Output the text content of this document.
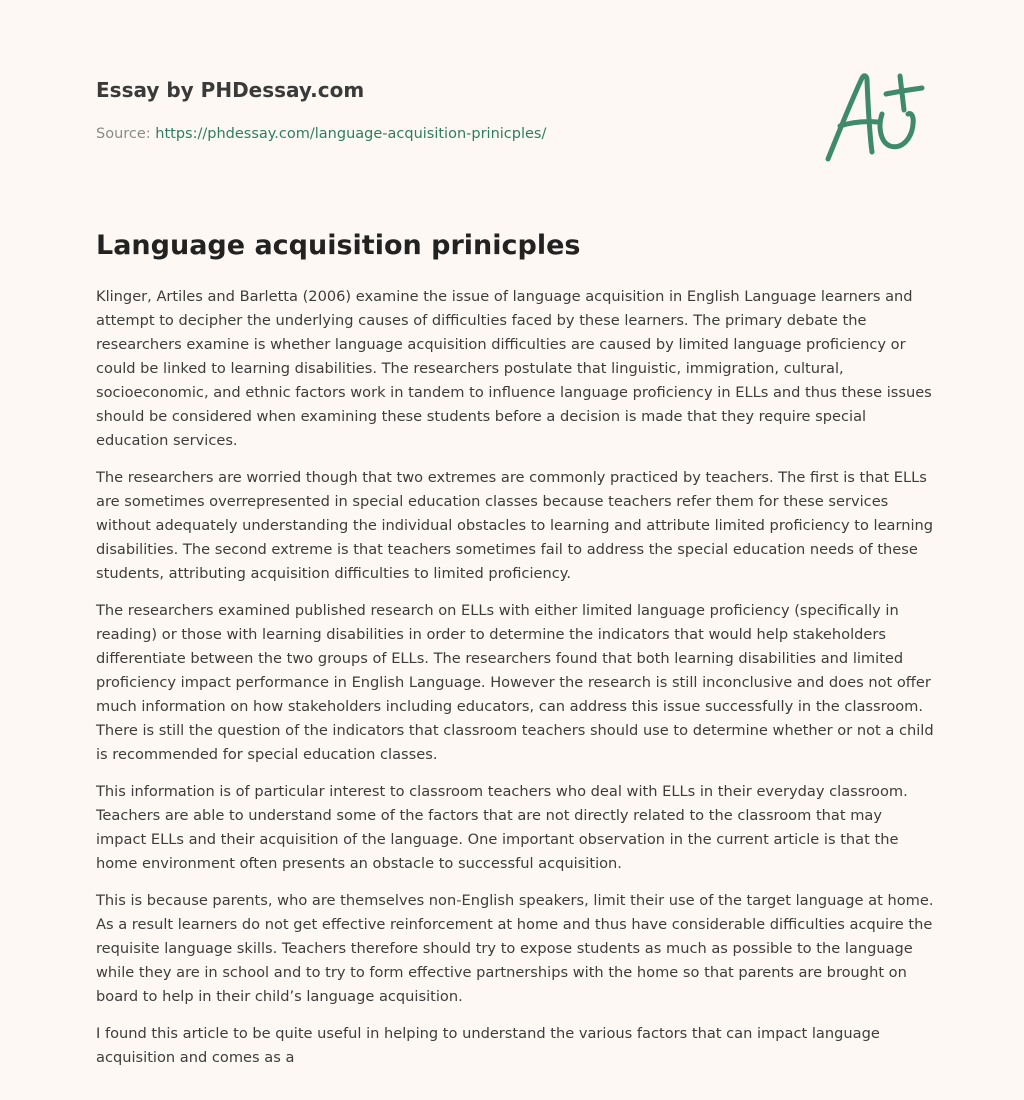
Essay by PHDessay.com
Source: https://phdessay.com/language-acquisition-prinicples/
Language acquisition prinicples

Klinger, Artiles and Barletta (2006) examine the issue of language acquisition in English Language learners and attempt to decipher the underlying causes of difficulties faced by these learners. The primary debate the researchers examine is whether language acquisition difficulties are caused by limited language proficiency or could be linked to learning disabilities. The researchers postulate that linguistic, immigration, cultural, socioeconomic, and ethnic factors work in tandem to influence language proficiency in ELLs and thus these issues should be considered when examining these students before a decision is made that they require special education services.

The researchers are worried though that two extremes are commonly practiced by teachers. The first is that ELLs are sometimes overrepresented in special education classes because teachers refer them for these services without adequately understanding the individual obstacles to learning and attribute limited proficiency to learning disabilities. The second extreme is that teachers sometimes fail to address the special education needs of these students, attributing acquisition difficulties to limited proficiency.

The researchers examined published research on ELLs with either limited language proficiency (specifically in reading) or those with learning disabilities in order to determine the indicators that would help stakeholders differentiate between the two groups of ELLs. The researchers found that both learning disabilities and limited proficiency impact performance in English Language. However the research is still inconclusive and does not offer much information on how stakeholders including educators, can address this issue successfully in the classroom. There is still the question of the indicators that classroom teachers should use to determine whether or not a child is recommended for special education classes.

This information is of particular interest to classroom teachers who deal with ELLs in their everyday classroom. Teachers are able to understand some of the factors that are not directly related to the classroom that may impact ELLs and their acquisition of the language. One important observation in the current article is that the home environment often presents an obstacle to successful acquisition.

This is because parents, who are themselves non-English speakers, limit their use of the target language at home. As a result learners do not get effective reinforcement at home and thus have considerable difficulties acquire the requisite language skills. Teachers therefore should try to expose students as much as possible to the language while they are in school and to try to form effective partnerships with the home so that parents are brought on board to help in their child’s language acquisition.

I found this article to be quite useful in helping to understand the various factors that can impact language acquisition and comes as a
